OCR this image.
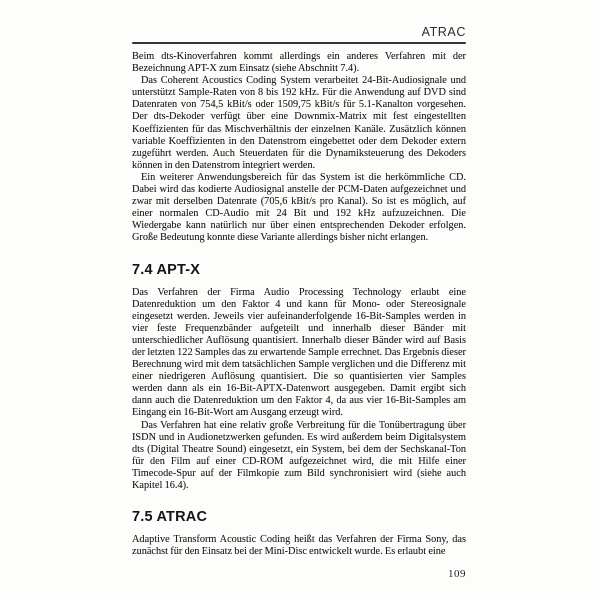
ATRAC

Beim dts-Kinoverfahren kommt allerdings ein anderes Verfahren mit der Bezeichnung APT-X zum Einsatz (siehe Abschnitt 7.4).

Das Coherent Acoustics Coding System verarbeitet 24-Bit-Audiosignale und unterstützt Sample-Raten von 8 bis 192 kHz. Für die Anwendung auf DVD sind Datenraten von 754,5 kBit/s oder 1509,75 kBit/s für 5.1-Kanalton vorgesehen. Der dts-Dekoder verfügt über eine Downmix-Matrix mit fest eingestellten Koeffizienten für das Mischverhältnis der einzelnen Kanäle. Zusätzlich können variable Koeffizienten in den Datenstrom eingebettet oder dem Dekoder extern zugeführt werden. Auch Steuerdaten für die Dynamiksteuerung des Dekoders können in den Datenstrom integriert werden.

Ein weiterer Anwendungsbereich für das System ist die herkömmliche CD. Dabei wird das kodierte Audiosignal anstelle der PCM-Daten aufgezeichnet und zwar mit derselben Datenrate (705,6 kBit/s pro Kanal). So ist es möglich, auf einer normalen CD-Audio mit 24 Bit und 192 kHz aufzuzeichnen. Die Wiedergabe kann natürlich nur über einen entsprechenden Dekoder erfolgen. Große Bedeutung konnte diese Variante allerdings bisher nicht erlangen.

7.4 APT-X

Das Verfahren der Firma Audio Processing Technology erlaubt eine Datenreduktion um den Faktor 4 und kann für Mono- oder Stereosignale eingesetzt werden. Jeweils vier aufeinanderfolgende 16-Bit-Samples werden in vier feste Frequenzbänder aufgeteilt und innerhalb dieser Bänder mit unterschiedlicher Auflösung quantisiert. Innerhalb dieser Bänder wird auf Basis der letzten 122 Samples das zu erwartende Sample errechnet. Das Ergebnis dieser Berechnung wird mit dem tatsächlichen Sample verglichen und die Differenz mit einer niedrigeren Auflösung quantisiert. Die so quantisierten vier Samples werden dann als ein 16-Bit-APTX-Datenwort ausgegeben. Damit ergibt sich dann auch die Datenreduktion um den Faktor 4, da aus vier 16-Bit-Samples am Eingang ein 16-Bit-Wort am Ausgang erzeugt wird.

Das Verfahren hat eine relativ große Verbreitung für die Tonübertragung über ISDN und in Audionetzwerken gefunden. Es wird außerdem beim Digitalsystem dts (Digital Theatre Sound) eingesetzt, ein System, bei dem der Sechskanal-Ton für den Film auf einer CD-ROM aufgezeichnet wird, die mit Hilfe einer Timecode-Spur auf der Filmkopie zum Bild synchronisiert wird (siehe auch Kapitel 16.4).

7.5 ATRAC

Adaptive Transform Acoustic Coding heißt das Verfahren der Firma Sony, das zunächst für den Einsatz bei der Mini-Disc entwickelt wurde. Es erlaubt eine

109
